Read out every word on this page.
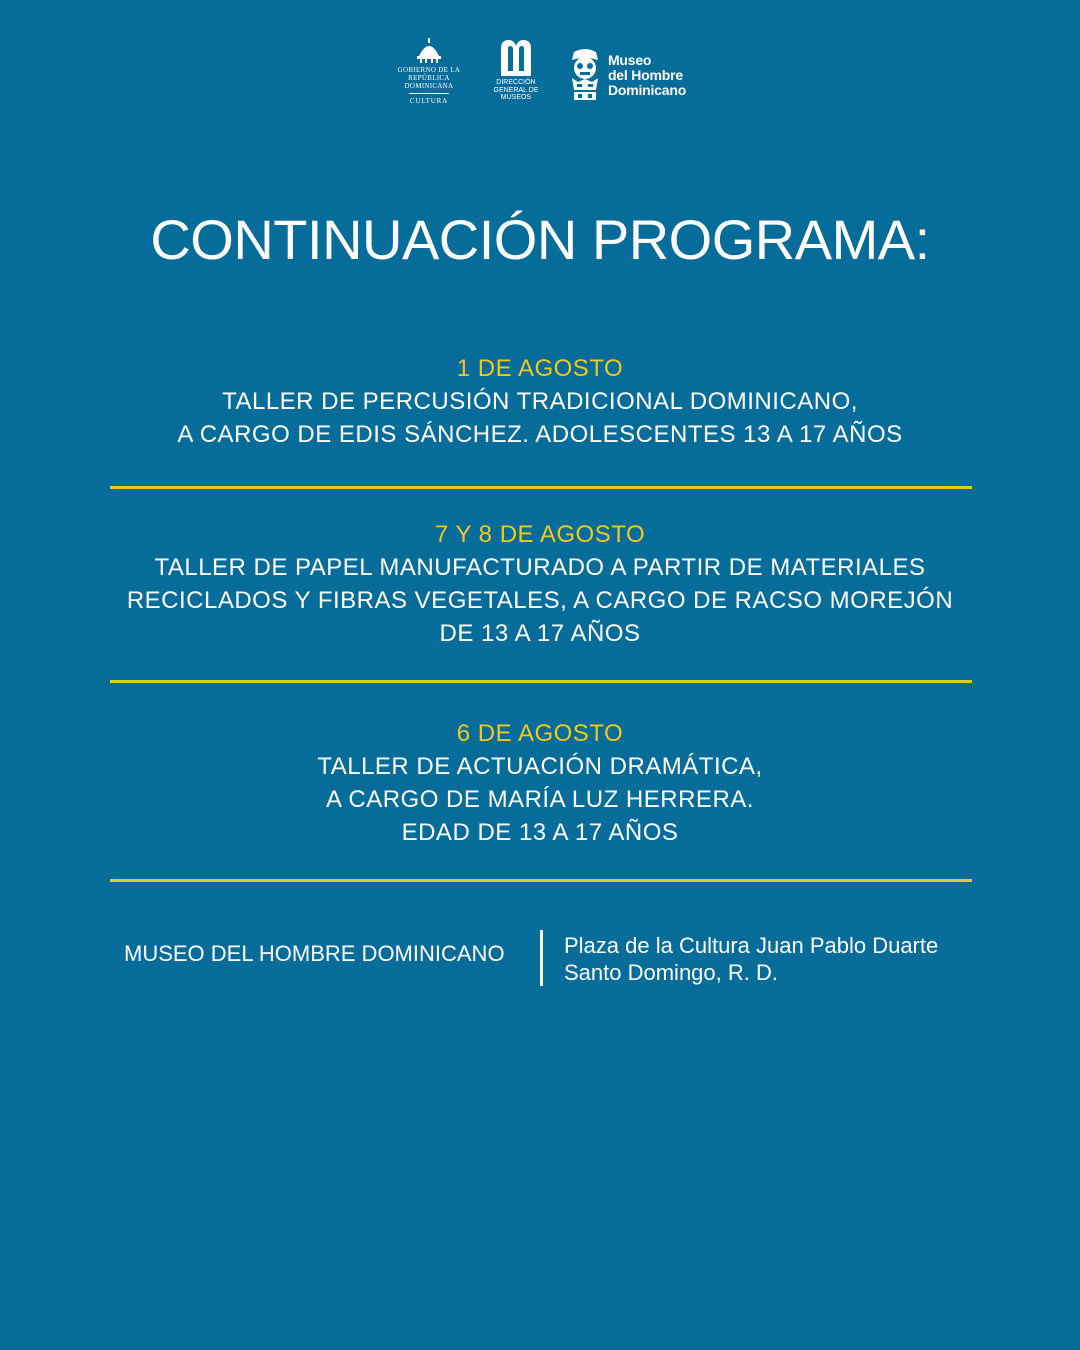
GOBIERNO DE LA
REPÚBLICA
DOMINICANA
CULTURA
DIRECCIÓN
GENERAL DE
MUSEOS
Museo
del Hombre
Dominicano
CONTINUACIÓN PROGRAMA:
1 DE AGOSTO
TALLER DE PERCUSIÓN TRADICIONAL DOMINICANO,
A CARGO DE EDIS SÁNCHEZ. ADOLESCENTES 13 A 17 AÑOS
7 Y 8 DE AGOSTO
TALLER DE PAPEL MANUFACTURADO A PARTIR DE MATERIALES
RECICLADOS Y FIBRAS VEGETALES, A CARGO DE RACSO MOREJÓN
DE 13 A 17 AÑOS
6 DE AGOSTO
TALLER DE ACTUACIÓN DRAMÁTICA,
A CARGO DE MARÍA LUZ HERRERA.
EDAD DE 13 A 17 AÑOS
MUSEO DEL HOMBRE DOMINICANO	Plaza de la Cultura Juan Pablo Duarte
Santo Domingo, R. D.
